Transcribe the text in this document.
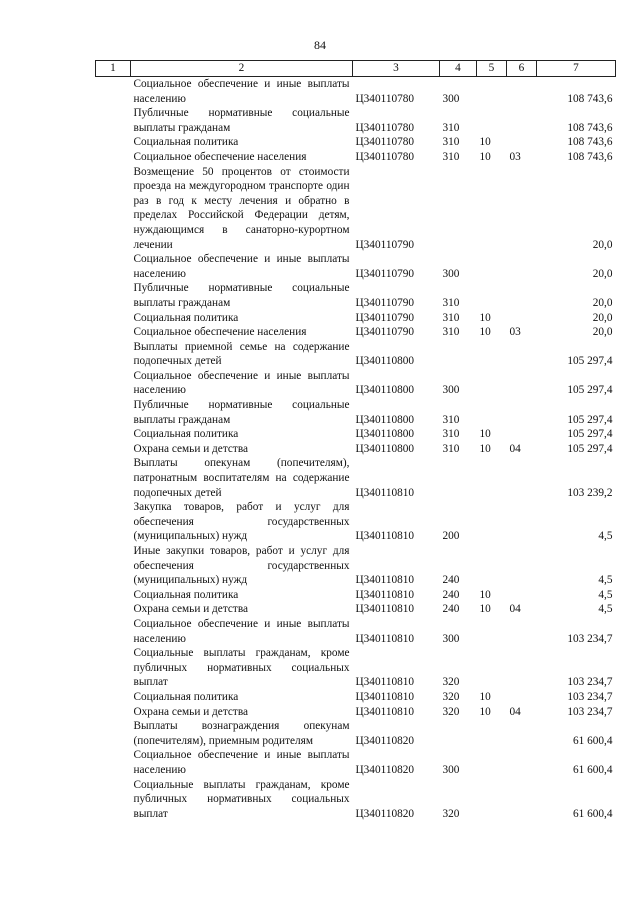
84
1	2	3	4	5	6	7
	Социальное обеспечение и иные выплаты населению	Ц340110780	300			108 743,6
	Публичные нормативные социальные выплаты гражданам	Ц340110780	310			108 743,6
	Социальная политика	Ц340110780	310	10		108 743,6
	Социальное обеспечение населения	Ц340110780	310	10	03	108 743,6
	Возмещение 50 процентов от стоимости проезда на междугородном транспорте один раз в год к месту лечения и обратно в пределах Российской Федерации детям, нуждающимся в санаторно-курортном лечении	Ц340110790				20,0
	Социальное обеспечение и иные выплаты населению	Ц340110790	300			20,0
	Публичные нормативные социальные выплаты гражданам	Ц340110790	310			20,0
	Социальная политика	Ц340110790	310	10		20,0
	Социальное обеспечение населения	Ц340110790	310	10	03	20,0
	Выплаты приемной семье на содержание подопечных детей	Ц340110800				105 297,4
	Социальное обеспечение и иные выплаты населению	Ц340110800	300			105 297,4
	Публичные нормативные социальные выплаты гражданам	Ц340110800	310			105 297,4
	Социальная политика	Ц340110800	310	10		105 297,4
	Охрана семьи и детства	Ц340110800	310	10	04	105 297,4
	Выплаты опекунам (попечителям), патронатным воспитателям на содержание подопечных детей	Ц340110810				103 239,2
	Закупка товаров, работ и услуг для обеспечения государственных (муниципальных) нужд	Ц340110810	200			4,5
	Иные закупки товаров, работ и услуг для обеспечения государственных (муниципальных) нужд	Ц340110810	240			4,5
	Социальная политика	Ц340110810	240	10		4,5
	Охрана семьи и детства	Ц340110810	240	10	04	4,5
	Социальное обеспечение и иные выплаты населению	Ц340110810	300			103 234,7
	Социальные выплаты гражданам, кроме публичных нормативных социальных выплат	Ц340110810	320			103 234,7
	Социальная политика	Ц340110810	320	10		103 234,7
	Охрана семьи и детства	Ц340110810	320	10	04	103 234,7
	Выплаты вознаграждения опекунам (попечителям), приемным родителям	Ц340110820				61 600,4
	Социальное обеспечение и иные выплаты населению	Ц340110820	300			61 600,4
	Социальные выплаты гражданам, кроме публичных нормативных социальных выплат	Ц340110820	320			61 600,4
